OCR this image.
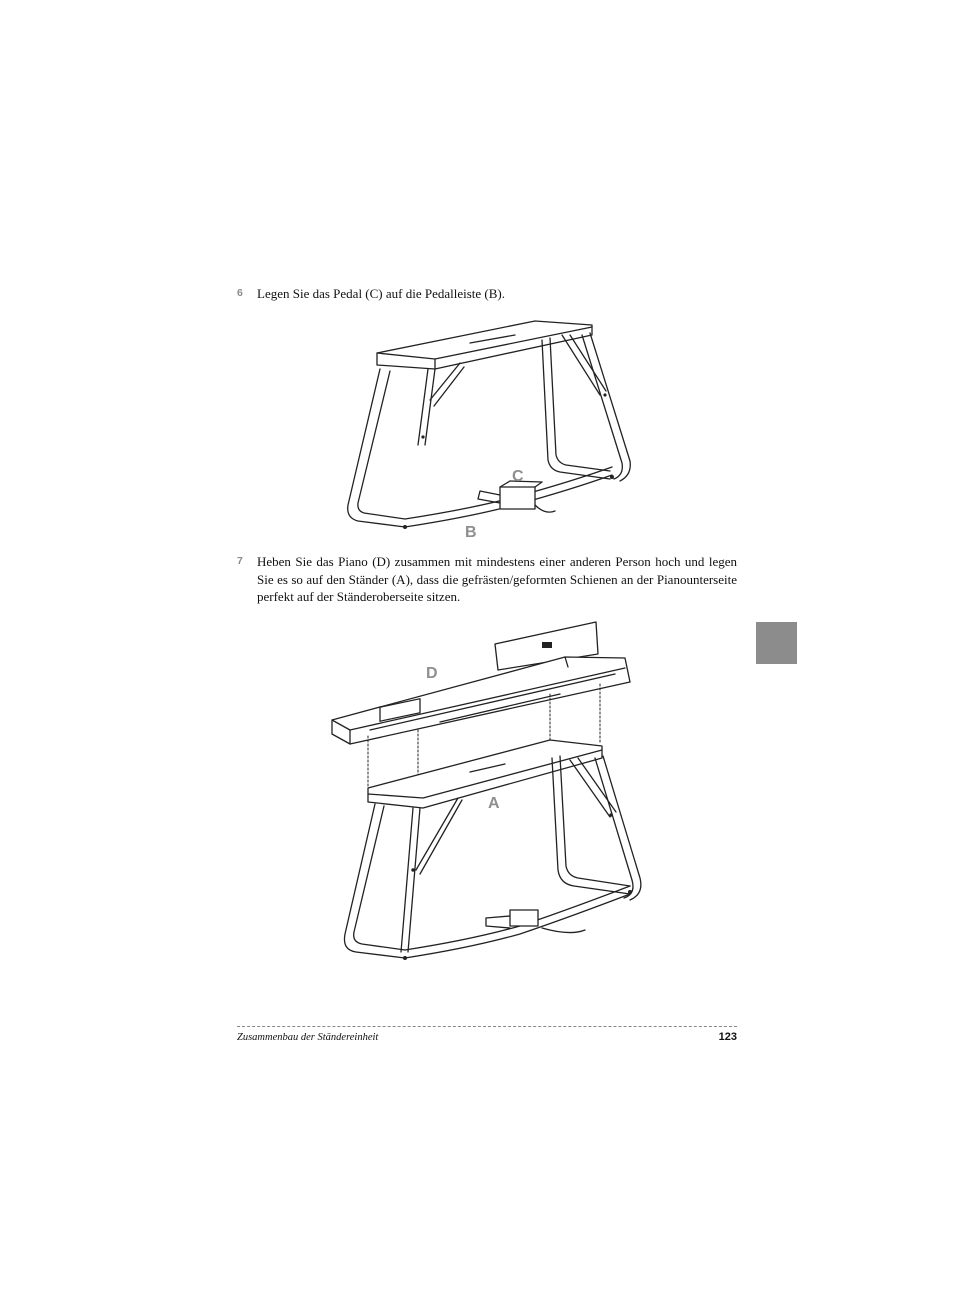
6 Legen Sie das Pedal (C) auf die Pedalleiste (B).
C
B
7 Heben Sie das Piano (D) zusammen mit mindestens einer anderen Person hoch und legen Sie es so auf den Ständer (A), dass die gefrästen/geformten Schienen an der Pianounterseite perfekt auf der Ständeroberseite sitzen.
D
A
Zusammenbau der Ständereinheit	123
